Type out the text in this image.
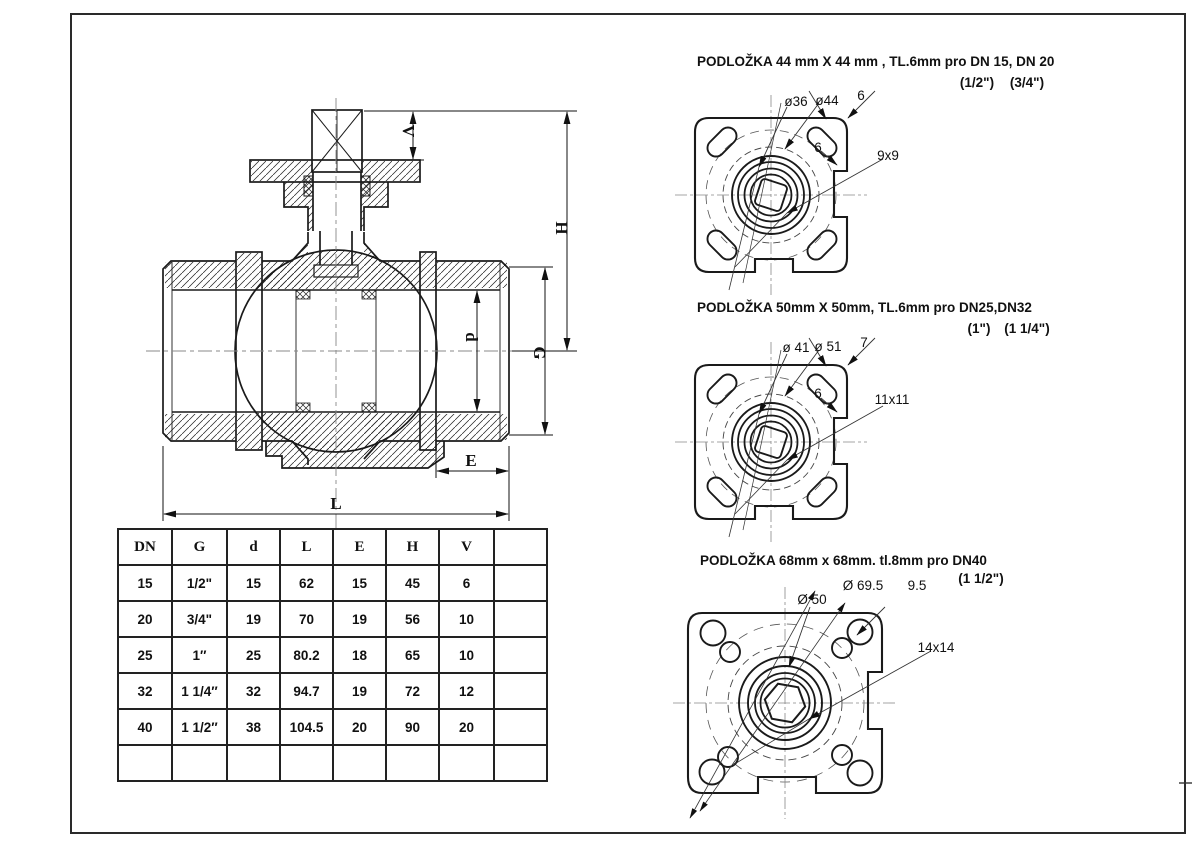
V
H
d
G
E
L
ø36 ø44 6
6
9x9
ø 41 ø 51 7
6	11x11
Ø 50
Ø 69.5 9.5
14x14
PODLOŽKA 44 mm X 44 mm , TL.6mm pro DN 15, DN 20
(1/2") (3/4")
PODLOŽKA 50mm X 50mm, TL.6mm pro DN25,DN32
(1") (1 1/4")
PODLOŽKA 68mm x 68mm. tl.8mm pro DN40
(1 1/2")
DN	G	d	L	E	H	V	
15	1/2"	15	62	15	45	6	
20	3/4"	19	70	19	56	10	
25	1″	25	80.2	18	65	10	
32	1 1/4″	32	94.7	19	72	12	
40	1 1/2″	38	104.5	20	90	20	
